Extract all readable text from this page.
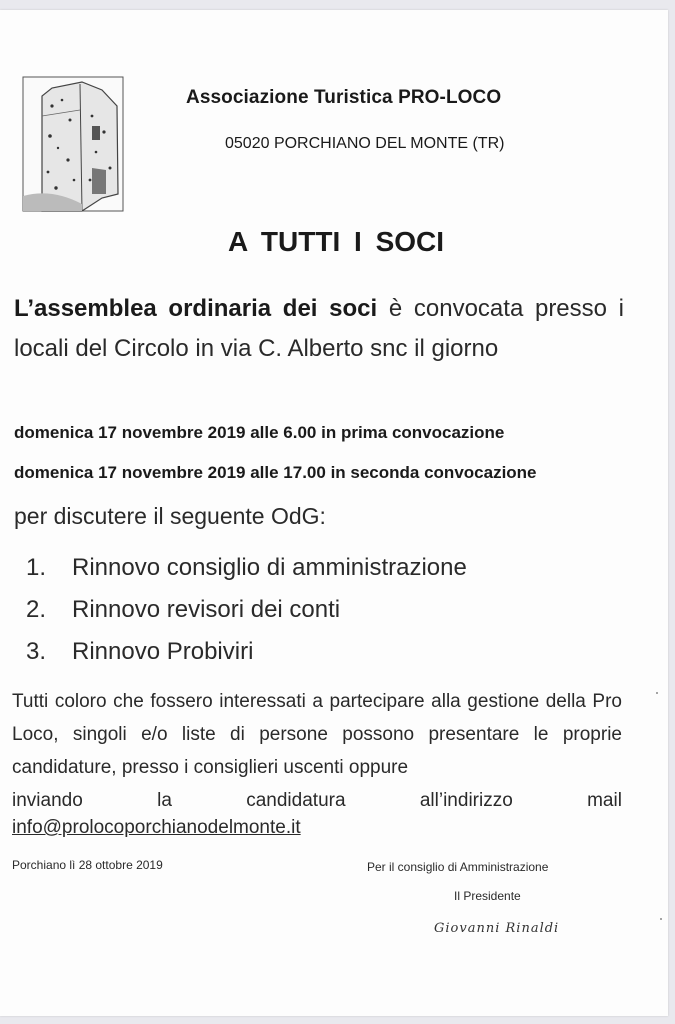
Associazione Turistica PRO-LOCO
05020 PORCHIANO DEL MONTE (TR)
A TUTTI I SOCI
L’assemblea ordinaria dei soci è convocata presso i locali del Circolo in via C. Alberto snc il giorno
domenica 17 novembre 2019 alle 6.00 in prima convocazione
domenica 17 novembre 2019 alle 17.00 in seconda convocazione
per discutere il seguente OdG:
1.	Rinnovo consiglio di amministrazione
2.	Rinnovo revisori dei conti
3.	Rinnovo Probiviri
Tutti coloro che fossero interessati a partecipare alla gestione della Pro Loco, singoli e/o liste di persone possono presentare le proprie candidature, presso i consiglieri uscenti oppure
inviando	la	candidatura	all’indirizzo	mail
info@prolocoporchianodelmonte.it
Porchiano lì 28 ottobre 2019	Per il consiglio di Amministrazione
Il Presidente
Giovanni Rinaldi
